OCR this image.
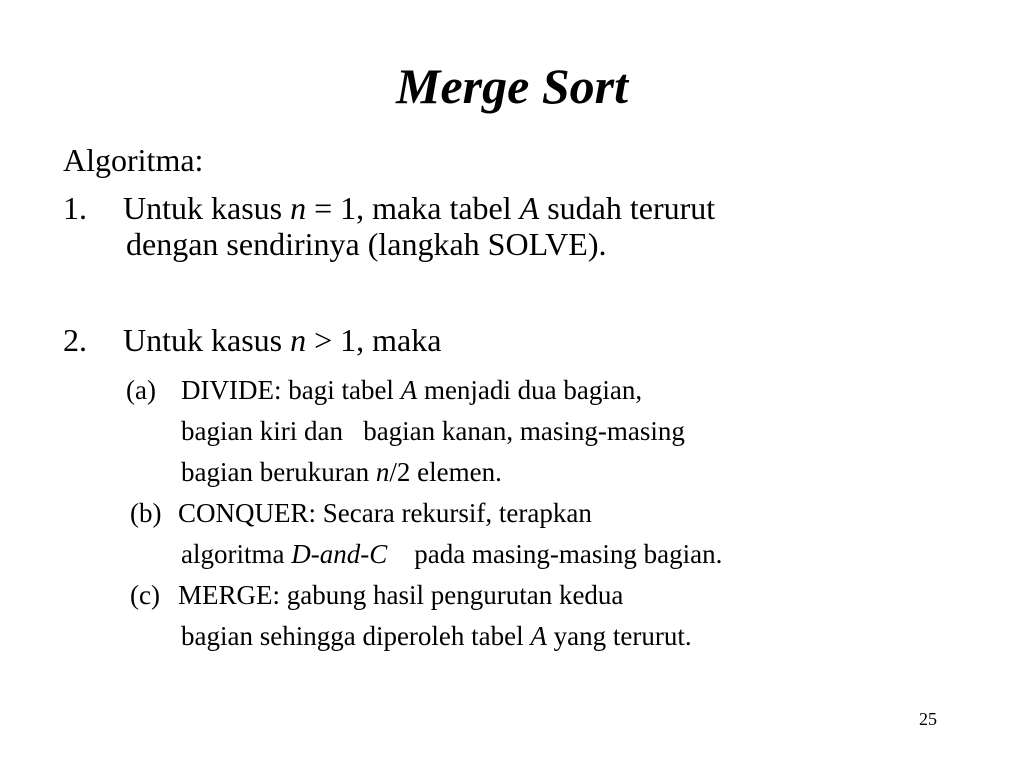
Merge Sort

Algoritma:

1. Untuk kasus n = 1, maka tabel A sudah terurut

dengan sendirinya (langkah SOLVE).

2. Untuk kasus n > 1, maka

(a) DIVIDE: bagi tabel A menjadi dua bagian,

bagian kiri dan   bagian kanan, masing-masing

bagian berukuran n/2 elemen.

(b) CONQUER: Secara rekursif, terapkan

algoritma D-and-C    pada masing-masing bagian.

(c) MERGE: gabung hasil pengurutan kedua

bagian sehingga diperoleh tabel A yang terurut.

25
